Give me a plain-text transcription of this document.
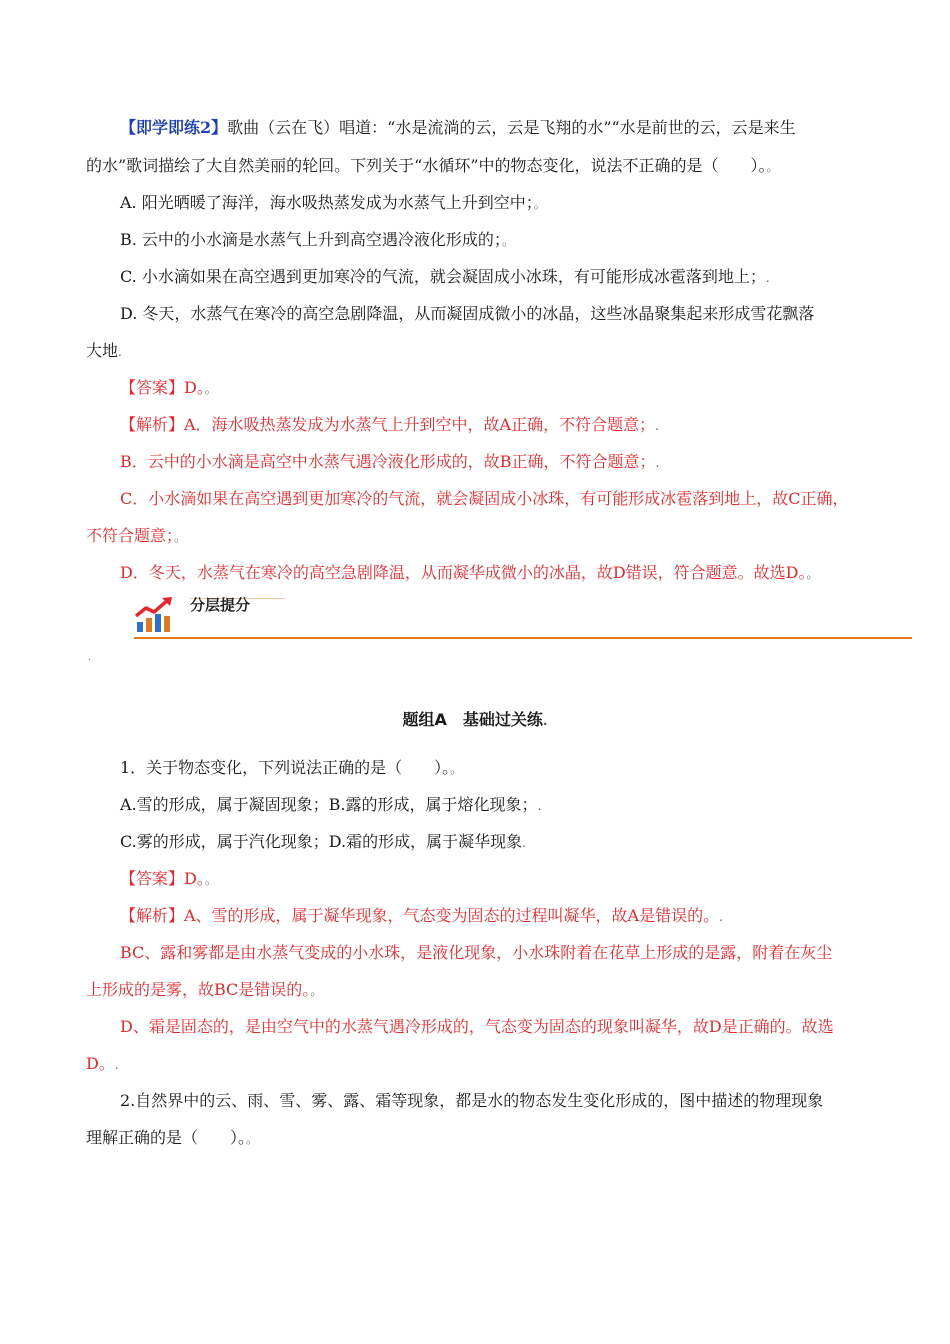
【即学即练2】歌曲（云在飞）唱道：“水是流淌的云，云是飞翔的水”“水是前世的云，云是来生
的水”歌词描绘了大自然美丽的轮回。下列关于“水循环”中的物态变化，说法不正确的是（　　）。。
A. 阳光晒暖了海洋，海水吸热蒸发成为水蒸气上升到空中；。
B. 云中的小水滴是水蒸气上升到高空遇冷液化形成的；。
C. 小水滴如果在高空遇到更加寒冷的气流，就会凝固成小冰珠，有可能形成冰雹落到地上；.
D. 冬天，水蒸气在寒冷的高空急剧降温，从而凝固成微小的冰晶，这些冰晶聚集起来形成雪花飘落
大地.
【答案】D。。
【解析】A．海水吸热蒸发成为水蒸气上升到空中，故A正确，不符合题意；.
B．云中的小水滴是高空中水蒸气遇冷液化形成的，故B正确，不符合题意；.
C．小水滴如果在高空遇到更加寒冷的气流，就会凝固成小冰珠，有可能形成冰雹落到地上，故C正确，
不符合题意；。
D．冬天，水蒸气在寒冷的高空急剧降温，从而凝华成微小的冰晶，故D错误，符合题意。故选D。。
分层提分
.
题组A　基础过关练.
1．关于物态变化，下列说法正确的是（　　）。。
A.雪的形成，属于凝固现象；B.露的形成，属于熔化现象；.
C.雾的形成，属于汽化现象；D.霜的形成，属于凝华现象.
【答案】D。。
【解析】A、雪的形成，属于凝华现象，气态变为固态的过程叫凝华，故A是错误的。.
BC、露和雾都是由水蒸气变成的小水珠，是液化现象，小水珠附着在花草上形成的是露，附着在灰尘
上形成的是雾，故BC是错误的。。
D、霜是固态的，是由空气中的水蒸气遇冷形成的，气态变为固态的现象叫凝华，故D是正确的。故选
D。.
2.自然界中的云、雨、雪、雾、露、霜等现象，都是水的物态发生变化形成的，图中描述的物理现象
理解正确的是（　　）。。
